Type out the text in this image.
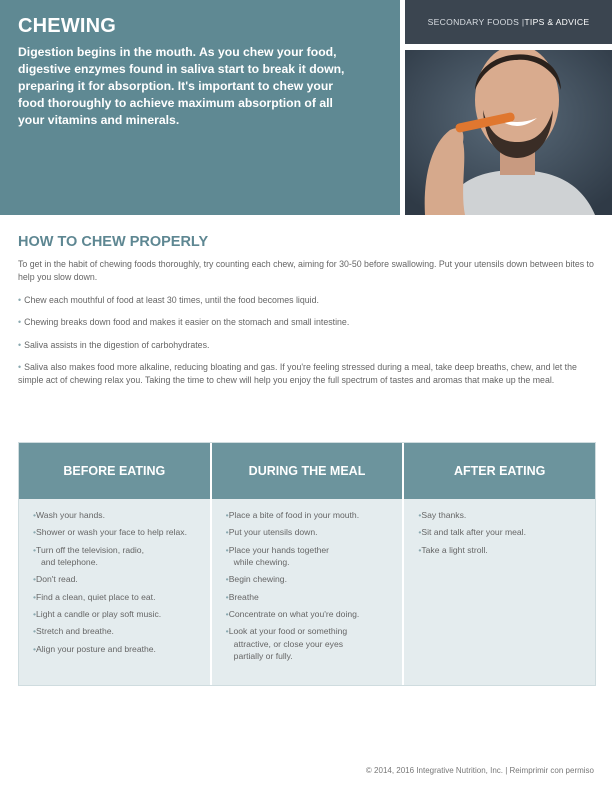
CHEWING

Digestion begins in the mouth. As you chew your food, digestive enzymes found in saliva start to break it down, preparing it for absorption. It's important to chew your food thoroughly to achieve maximum absorption of all your vitamins and minerals.

SECONDARY FOODS | TIPS & ADVICE
HOW TO CHEW PROPERLY

To get in the habit of chewing foods thoroughly, try counting each chew, aiming for 30-50 before swallowing. Put your utensils down between bites to help you slow down.

• Chew each mouthful of food at least 30 times, until the food becomes liquid.

• Chewing breaks down food and makes it easier on the stomach and small intestine.

• Saliva assists in the digestion of carbohydrates.

• Saliva also makes food more alkaline, reducing bloating and gas. If you're feeling stressed during a meal, take deep breaths, chew, and let the simple act of chewing relax you. Taking the time to chew will help you enjoy the full spectrum of tastes and aromas that make up the meal.

BEFORE EATING
• Wash your hands.
• Shower or wash your face to help relax.
• Turn off the television, radio,
and telephone.
• Don't read.
• Find a clean, quiet place to eat.
• Light a candle or play soft music.
• Stretch and breathe.
• Align your posture and breathe.
DURING THE MEAL
• Place a bite of food in your mouth.
• Put your utensils down.
• Place your hands together
while chewing.
• Begin chewing.
• Breathe
• Concentrate on what you're doing.
• Look at your food or something
attractive, or close your eyes
partially or fully.
AFTER EATING
• Say thanks.
• Sit and talk after your meal.
• Take a light stroll.
© 2014, 2016 Integrative Nutrition, Inc. | Reimprimir con permiso
